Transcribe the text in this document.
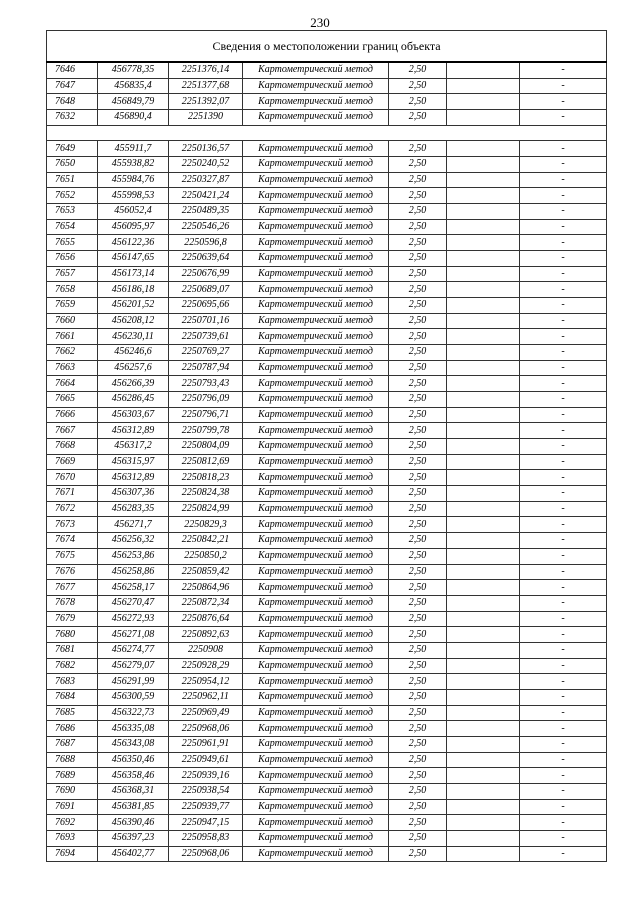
230
Сведения о местоположении границ объекта						
7646	456778,35	2251376,14	Картометрический метод	2,50		-
7647	456835,4	2251377,68	Картометрический метод	2,50		-
7648	456849,79	2251392,07	Картометрический метод	2,50		-
7632	456890,4	2251390	Картометрический метод	2,50		-

7649	455911,7	2250136,57	Картометрический метод	2,50		-
7650	455938,82	2250240,52	Картометрический метод	2,50		-
7651	455984,76	2250327,87	Картометрический метод	2,50		-
7652	455998,53	2250421,24	Картометрический метод	2,50		-
7653	456052,4	2250489,35	Картометрический метод	2,50		-
7654	456095,97	2250546,26	Картометрический метод	2,50		-
7655	456122,36	2250596,8	Картометрический метод	2,50		-
7656	456147,65	2250639,64	Картометрический метод	2,50		-
7657	456173,14	2250676,99	Картометрический метод	2,50		-
7658	456186,18	2250689,07	Картометрический метод	2,50		-
7659	456201,52	2250695,66	Картометрический метод	2,50		-
7660	456208,12	2250701,16	Картометрический метод	2,50		-
7661	456230,11	2250739,61	Картометрический метод	2,50		-
7662	456246,6	2250769,27	Картометрический метод	2,50		-
7663	456257,6	2250787,94	Картометрический метод	2,50		-
7664	456266,39	2250793,43	Картометрический метод	2,50		-
7665	456286,45	2250796,09	Картометрический метод	2,50		-
7666	456303,67	2250796,71	Картометрический метод	2,50		-
7667	456312,89	2250799,78	Картометрический метод	2,50		-
7668	456317,2	2250804,09	Картометрический метод	2,50		-
7669	456315,97	2250812,69	Картометрический метод	2,50		-
7670	456312,89	2250818,23	Картометрический метод	2,50		-
7671	456307,36	2250824,38	Картометрический метод	2,50		-
7672	456283,35	2250824,99	Картометрический метод	2,50		-
7673	456271,7	2250829,3	Картометрический метод	2,50		-
7674	456256,32	2250842,21	Картометрический метод	2,50		-
7675	456253,86	2250850,2	Картометрический метод	2,50		-
7676	456258,86	2250859,42	Картометрический метод	2,50		-
7677	456258,17	2250864,96	Картометрический метод	2,50		-
7678	456270,47	2250872,34	Картометрический метод	2,50		-
7679	456272,93	2250876,64	Картометрический метод	2,50		-
7680	456271,08	2250892,63	Картометрический метод	2,50		-
7681	456274,77	2250908	Картометрический метод	2,50		-
7682	456279,07	2250928,29	Картометрический метод	2,50		-
7683	456291,99	2250954,12	Картометрический метод	2,50		-
7684	456300,59	2250962,11	Картометрический метод	2,50		-
7685	456322,73	2250969,49	Картометрический метод	2,50		-
7686	456335,08	2250968,06	Картометрический метод	2,50		-
7687	456343,08	2250961,91	Картометрический метод	2,50		-
7688	456350,46	2250949,61	Картометрический метод	2,50		-
7689	456358,46	2250939,16	Картометрический метод	2,50		-
7690	456368,31	2250938,54	Картометрический метод	2,50		-
7691	456381,85	2250939,77	Картометрический метод	2,50		-
7692	456390,46	2250947,15	Картометрический метод	2,50		-
7693	456397,23	2250958,83	Картометрический метод	2,50		-
7694	456402,77	2250968,06	Картометрический метод	2,50		-
